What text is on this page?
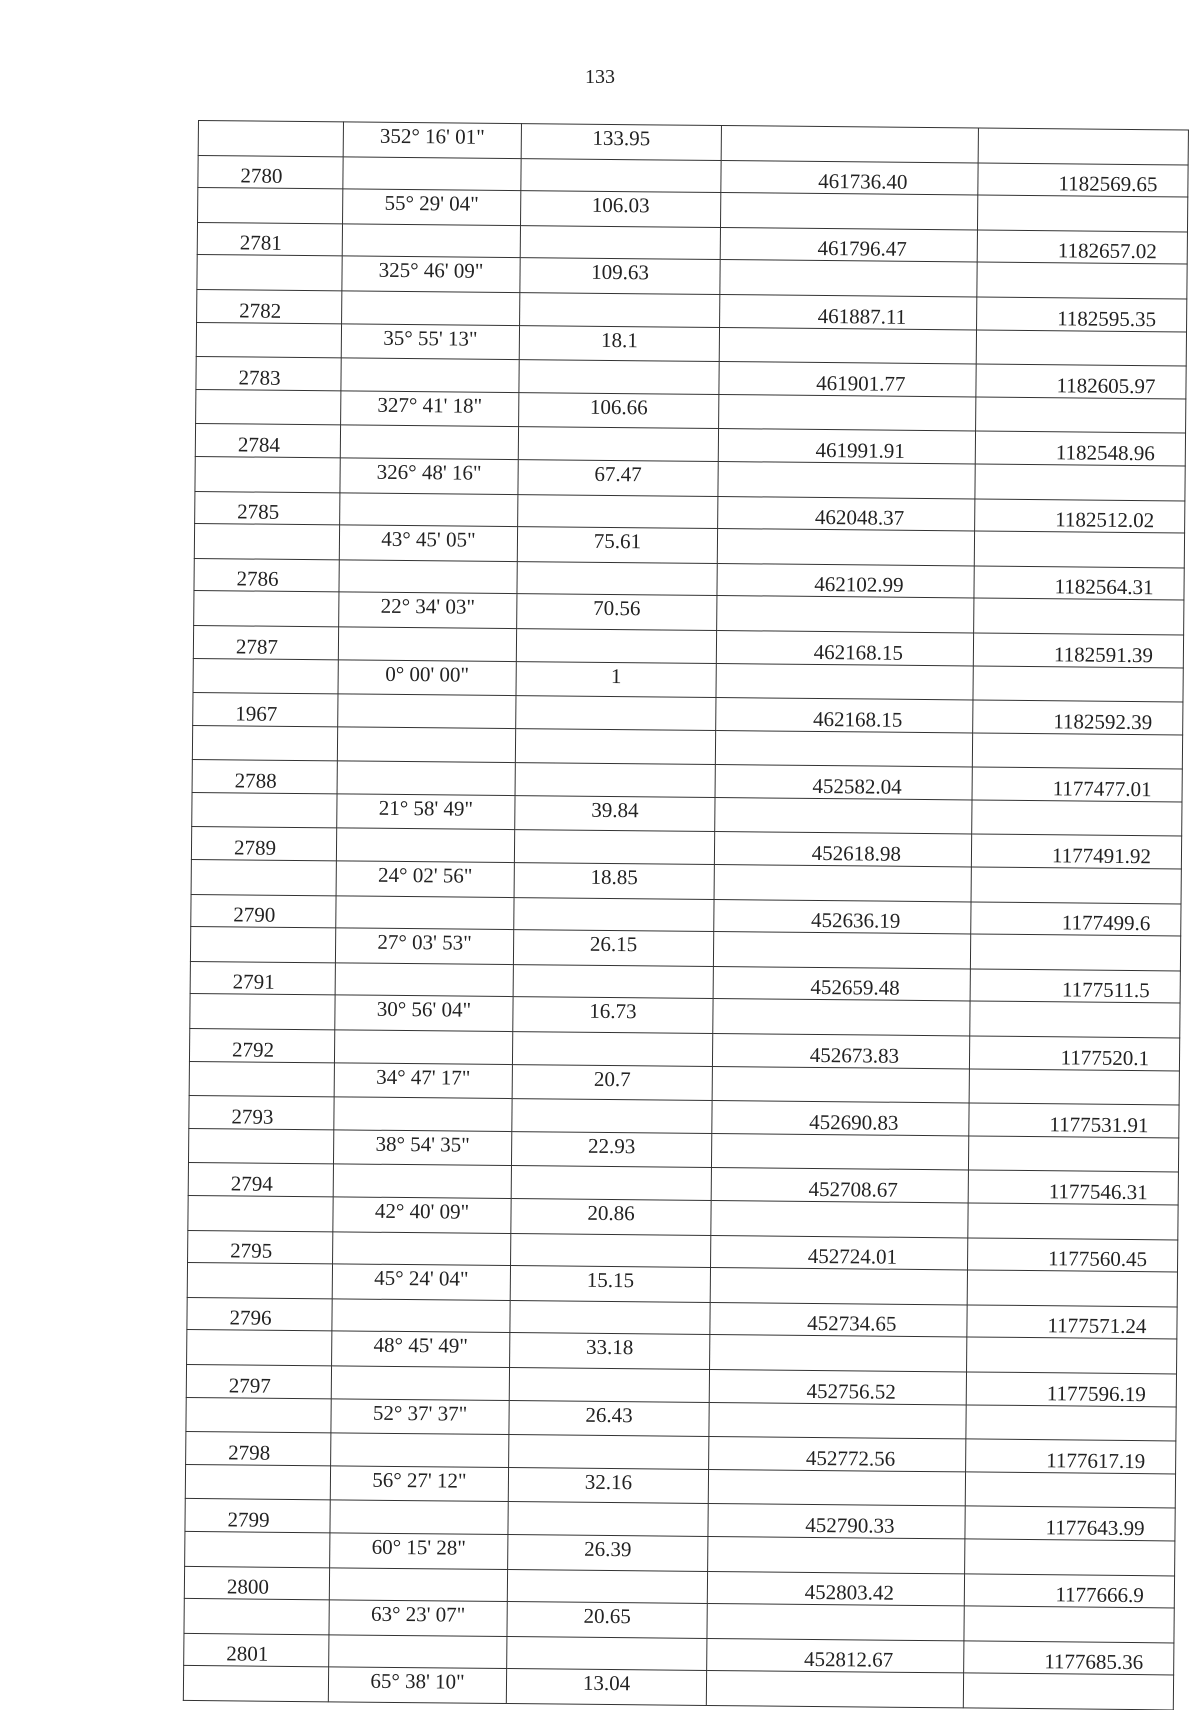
133
	352° 16' 01"	133.95		
2780			461736.40	1182569.65
	55° 29' 04"	106.03		
2781			461796.47	1182657.02
	325° 46' 09"	109.63		
2782			461887.11	1182595.35
	35° 55' 13"	18.1		
2783			461901.77	1182605.97
	327° 41' 18"	106.66		
2784			461991.91	1182548.96
	326° 48' 16"	67.47		
2785			462048.37	1182512.02
	43° 45' 05"	75.61		
2786			462102.99	1182564.31
	22° 34' 03"	70.56		
2787			462168.15	1182591.39
	0° 00' 00"	1		
1967			462168.15	1182592.39

2788			452582.04	1177477.01
	21° 58' 49"	39.84		
2789			452618.98	1177491.92
	24° 02' 56"	18.85		
2790			452636.19	1177499.6
	27° 03' 53"	26.15		
2791			452659.48	1177511.5
	30° 56' 04"	16.73		
2792			452673.83	1177520.1
	34° 47' 17"	20.7		
2793			452690.83	1177531.91
	38° 54' 35"	22.93		
2794			452708.67	1177546.31
	42° 40' 09"	20.86		
2795			452724.01	1177560.45
	45° 24' 04"	15.15		
2796			452734.65	1177571.24
	48° 45' 49"	33.18		
2797			452756.52	1177596.19
	52° 37' 37"	26.43		
2798			452772.56	1177617.19
	56° 27' 12"	32.16		
2799			452790.33	1177643.99
	60° 15' 28"	26.39		
2800			452803.42	1177666.9
	63° 23' 07"	20.65		
2801			452812.67	1177685.36
	65° 38' 10"	13.04		
